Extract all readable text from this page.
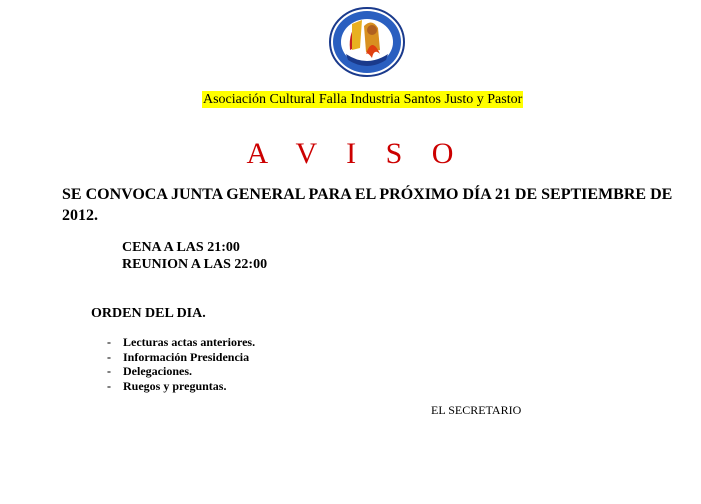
Asociación Cultural Falla Industria Santos Justo y Pastor
A V I S O
SE CONVOCA JUNTA GENERAL PARA EL PRÓXIMO DÍA 21 DE SEPTIEMBRE DE 2012.
CENA A LAS 21:00
REUNION A LAS 22:00
ORDEN DEL DIA.
- Lecturas actas anteriores.
- Información Presidencia
- Delegaciones.
- Ruegos y preguntas.
EL SECRETARIO
